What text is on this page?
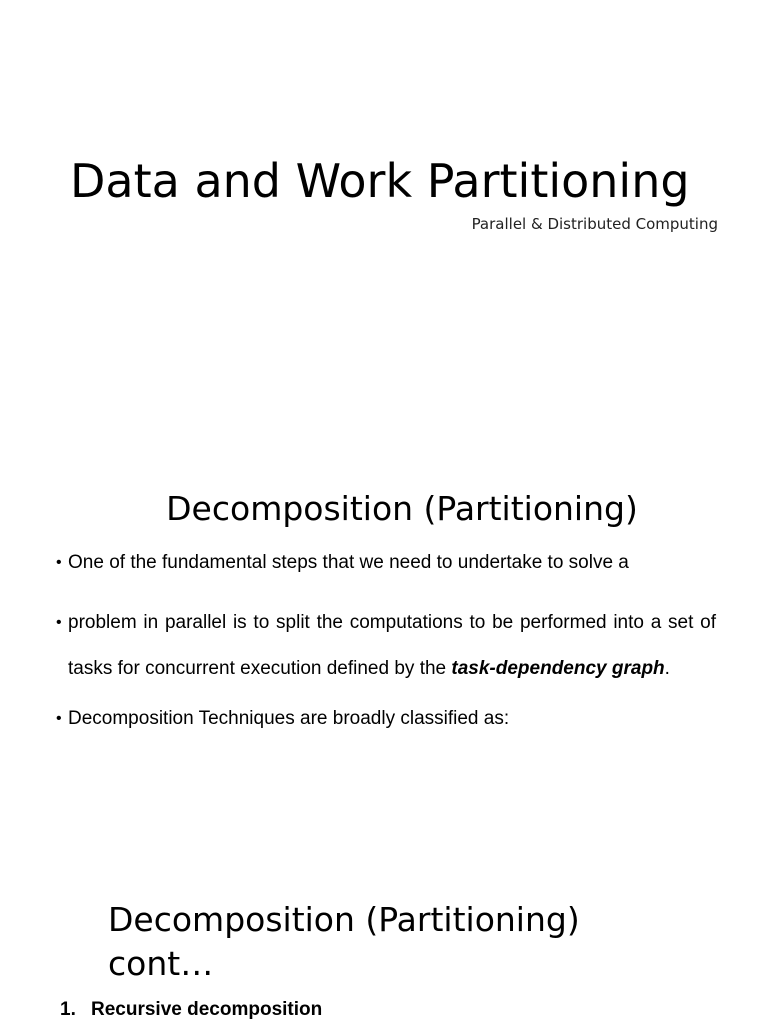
Data and Work Partitioning
Parallel & Distributed Computing
Decomposition (Partitioning)
• One of the fundamental steps that we need to undertake to solve a
• problem in parallel is to split the computations to be performed into a set of tasks for concurrent execution defined by the task-dependency graph.
• Decomposition Techniques are broadly classified as:
Decomposition (Partitioning)
cont…
1. Recursive decomposition
